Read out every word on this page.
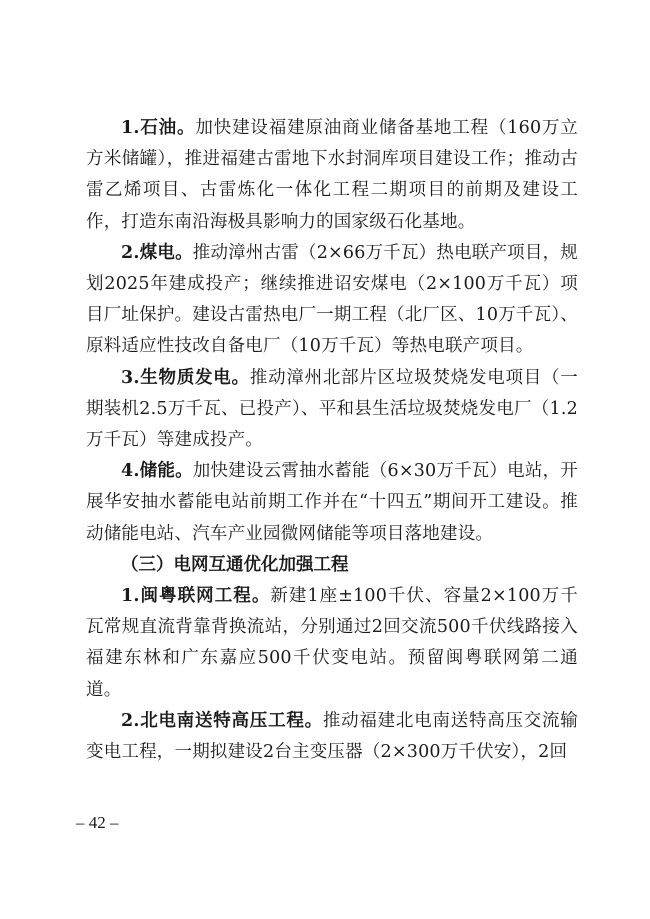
1.石油。加快建设福建原油商业储备基地工程（160万立方米储罐），推进福建古雷地下水封洞库项目建设工作；推动古雷乙烯项目、古雷炼化一体化工程二期项目的前期及建设工作，打造东南沿海极具影响力的国家级石化基地。

2.煤电。推动漳州古雷（2×66万千瓦）热电联产项目，规划2025年建成投产；继续推进诏安煤电（2×100万千瓦）项目厂址保护。建设古雷热电厂一期工程（北厂区、10万千瓦）、原料适应性技改自备电厂（10万千瓦）等热电联产项目。

3.生物质发电。推动漳州北部片区垃圾焚烧发电项目（一期装机2.5万千瓦、已投产）、平和县生活垃圾焚烧发电厂（1.2万千瓦）等建成投产。

4.储能。加快建设云霄抽水蓄能（6×30万千瓦）电站，开展华安抽水蓄能电站前期工作并在“十四五”期间开工建设。推动储能电站、汽车产业园微网储能等项目落地建设。

（三）电网互通优化加强工程

1.闽粤联网工程。新建1座±100千伏、容量2×100万千瓦常规直流背靠背换流站，分别通过2回交流500千伏线路接入福建东林和广东嘉应500千伏变电站。预留闽粤联网第二通道。

2.北电南送特高压工程。推动福建北电南送特高压交流输变电工程，一期拟建设2台主变压器（2×300万千伏安），2回

– 42 –
